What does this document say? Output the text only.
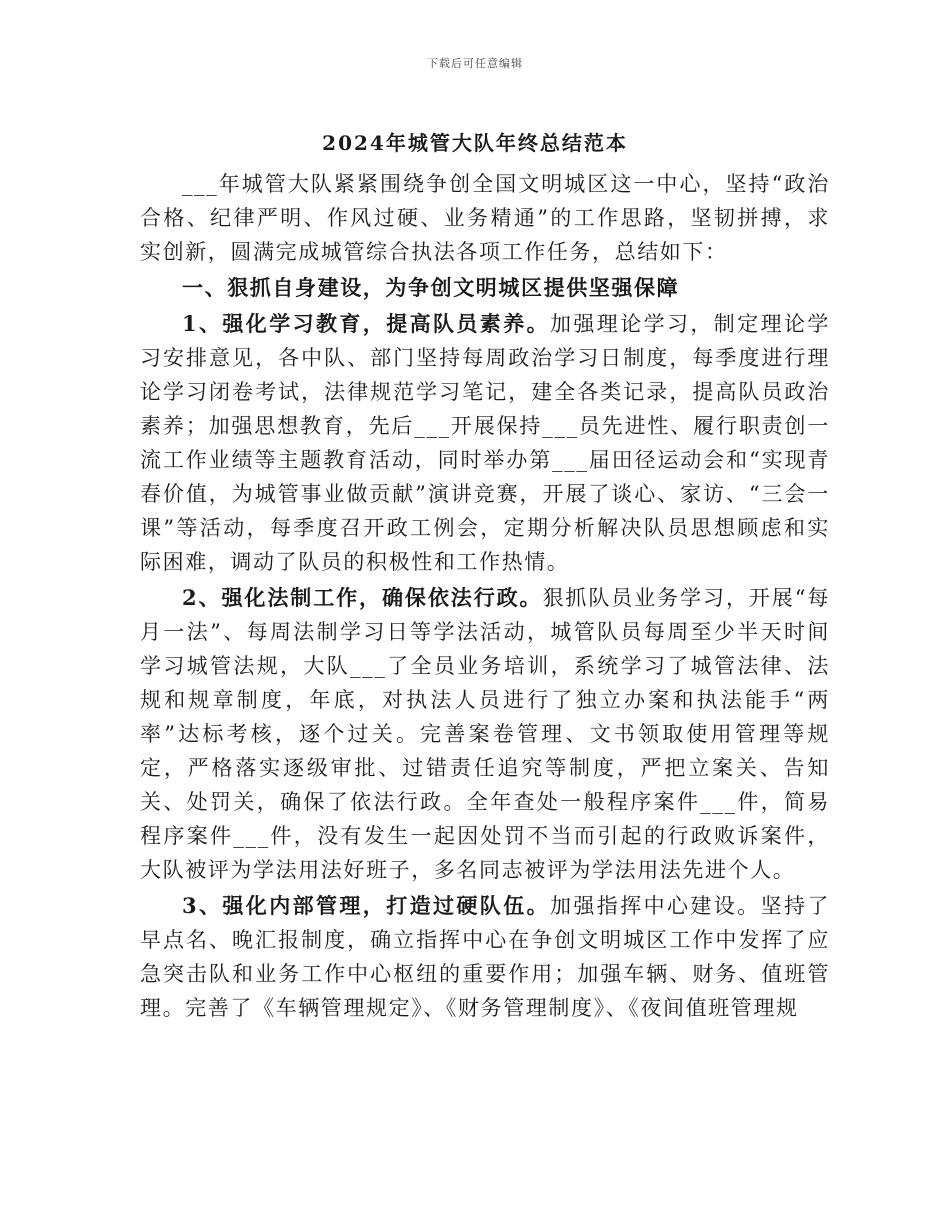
下载后可任意编辑
2024年城管大队年终总结范本

___年城管大队紧紧围绕争创全国文明城区这一中心，坚持“政治合格、纪律严明、作风过硬、业务精通”的工作思路，坚韧拼搏，求实创新，圆满完成城管综合执法各项工作任务，总结如下：

一、狠抓自身建设，为争创文明城区提供坚强保障

1、强化学习教育，提高队员素养。加强理论学习，制定理论学习安排意见，各中队、部门坚持每周政治学习日制度，每季度进行理论学习闭卷考试，法律规范学习笔记，建全各类记录，提高队员政治素养；加强思想教育，先后___开展保持___员先进性、履行职责创一流工作业绩等主题教育活动，同时举办第___届田径运动会和“实现青春价值，为城管事业做贡献”演讲竞赛，开展了谈心、家访、“三会一课”等活动，每季度召开政工例会，定期分析解决队员思想顾虑和实际困难，调动了队员的积极性和工作热情。

2、强化法制工作，确保依法行政。狠抓队员业务学习，开展“每月一法”、每周法制学习日等学法活动，城管队员每周至少半天时间学习城管法规，大队___了全员业务培训，系统学习了城管法律、法规和规章制度，年底，对执法人员进行了独立办案和执法能手“两率”达标考核，逐个过关。完善案卷管理、文书领取使用管理等规定，严格落实逐级审批、过错责任追究等制度，严把立案关、告知关、处罚关，确保了依法行政。全年查处一般程序案件___件，简易程序案件___件，没有发生一起因处罚不当而引起的行政败诉案件，大队被评为学法用法好班子，多名同志被评为学法用法先进个人。

3、强化内部管理，打造过硬队伍。加强指挥中心建设。坚持了早点名、晚汇报制度，确立指挥中心在争创文明城区工作中发挥了应急突击队和业务工作中心枢纽的重要作用；加强车辆、财务、值班管理。完善了《车辆管理规定》、《财务管理制度》、《夜间值班管理规
